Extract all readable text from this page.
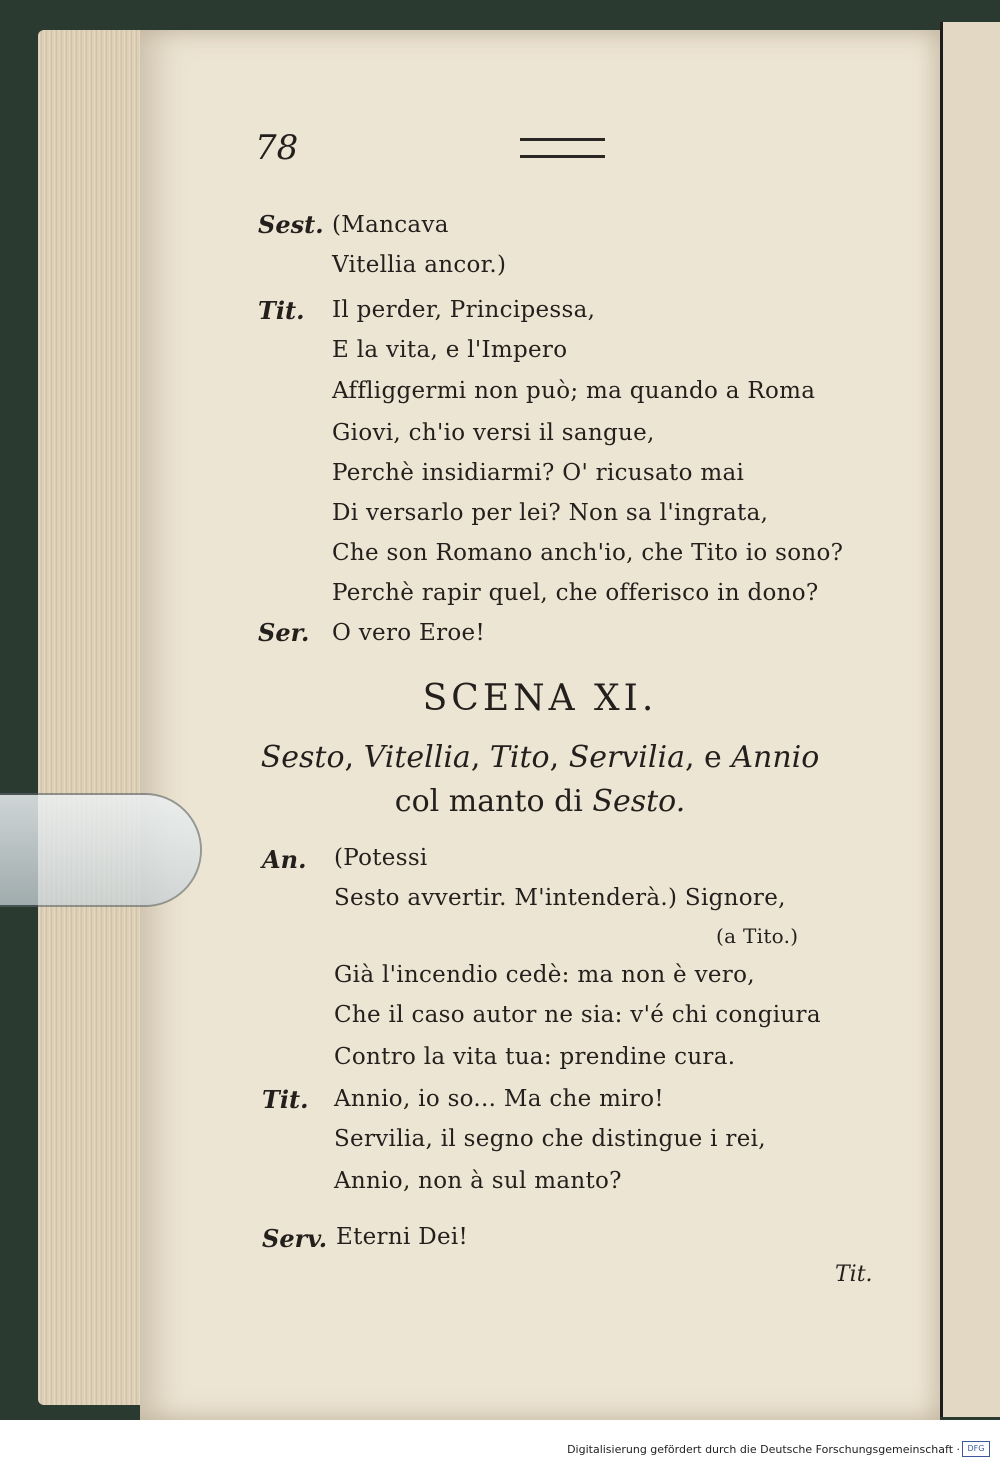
78
Sest.
Tit.
Ser.
An.
Tit.
Serv.
(Mancava
Vitellia ancor.)
Il perder, Principessa,
E la vita, e l'Impero
Affliggermi non può; ma quando a Roma
Giovi, ch'io versi il sangue,
Perchè insidiarmi? O' ricusato mai
Di versarlo per lei? Non sa l'ingrata,
Che son Romano anch'io, che Tito io sono?
Perchè rapir quel, che offerisco in dono?
O vero Eroe!
SCENA XI.
Sesto, Vitellia, Tito, Servilia, e Annio
col manto di Sesto.
(Potessi
Sesto avvertir. M'intenderà.) Signore,
(a Tito.)
Già l'incendio cedè: ma non è vero,
Che il caso autor ne sia: v'é chi congiura
Contro la vita tua: prendine cura.
Annio, io so... Ma che miro!
Servilia, il segno che distingue i rei,
Annio, non à sul manto?
Eterni Dei!
Tit.
Digitalisierung gefördert durch die Deutsche Forschungsgemeinschaft · DFG
